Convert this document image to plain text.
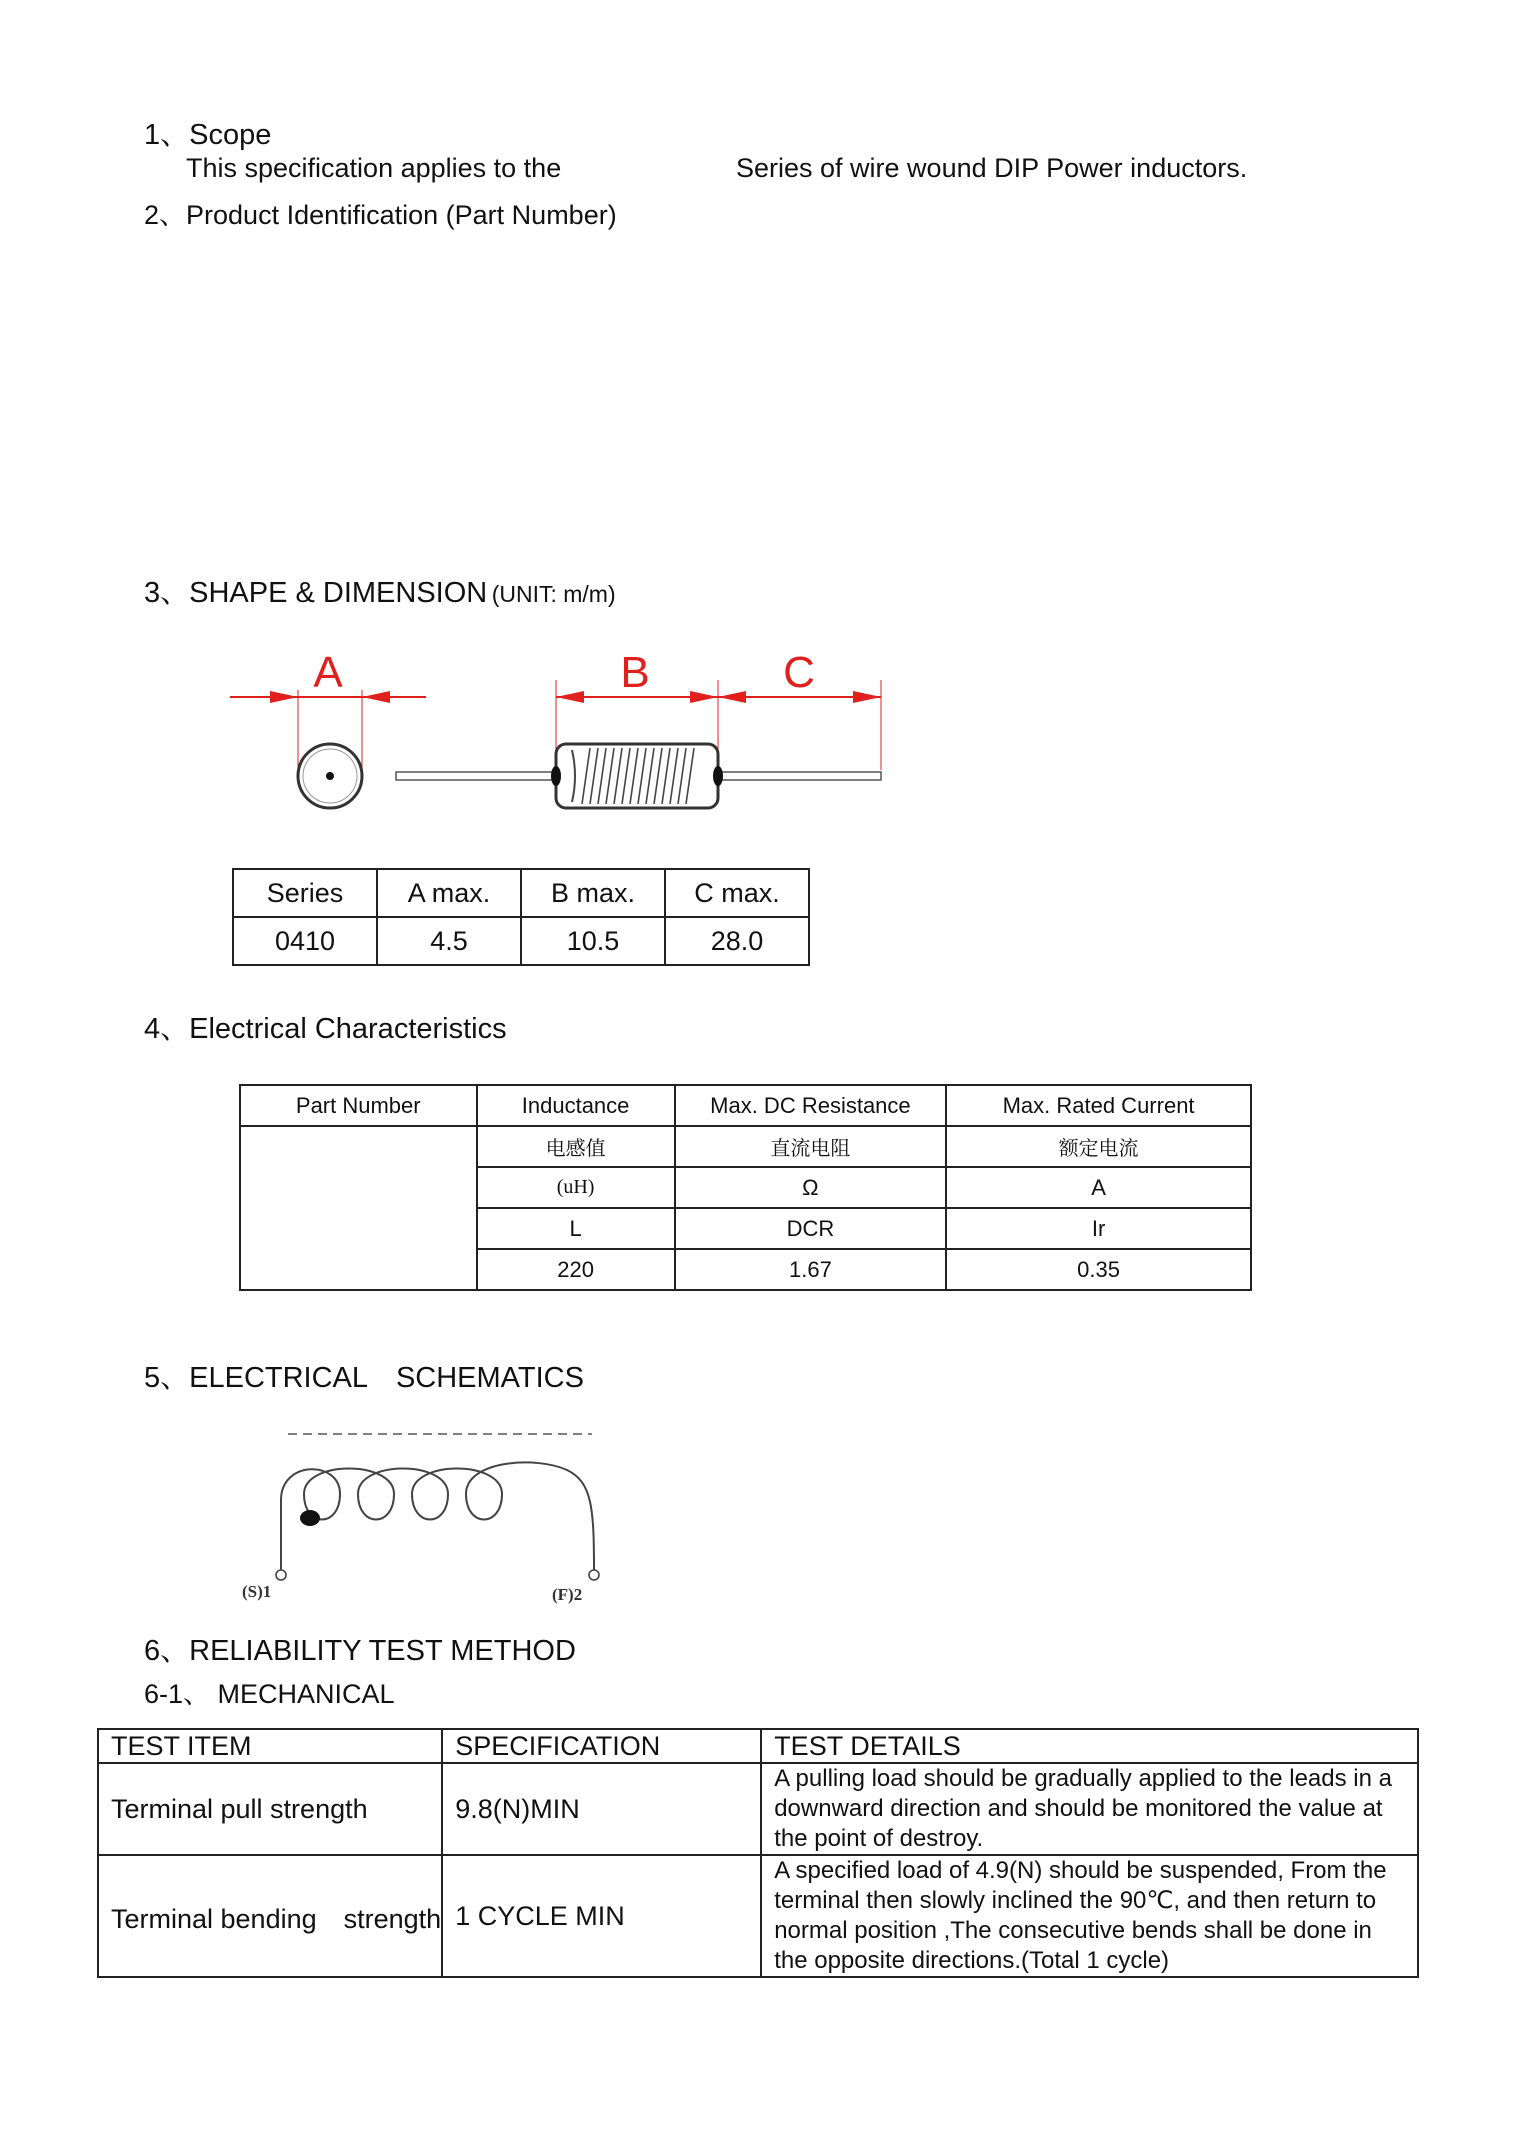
1、Scope
This specification applies to the	Series of wire wound DIP Power inductors.
2、Product Identification (Part Number)
3、SHAPE & DIMENSION (UNIT: m/m)
A	B	C
Series	A max.	B max.	C max.
0410	4.5	10.5	28.0
4、Electrical Characteristics
Part Number	Inductance	Max. DC Resistance	Max. Rated Current
	电感值	直流电阻	额定电流
	(uH)	Ω	A
	L	DCR	Ir
	220	1.67	0.35
5、ELECTRICAL　SCHEMATICS
(S)1	(F)2
6、RELIABILITY TEST METHOD
6-1、 MECHANICAL
TEST ITEM	SPECIFICATION	TEST DETAILS
Terminal pull strength	9.8(N)MIN	A pulling load should be gradually applied to the leads in a downward direction and should be monitored the value at the point of destroy.
Terminal bending　strength	1 CYCLE MIN	A specified load of 4.9(N) should be suspended, From the terminal then slowly inclined the 90℃, and then return to normal position ,The consecutive bends shall be done in the opposite directions.(Total 1 cycle)
